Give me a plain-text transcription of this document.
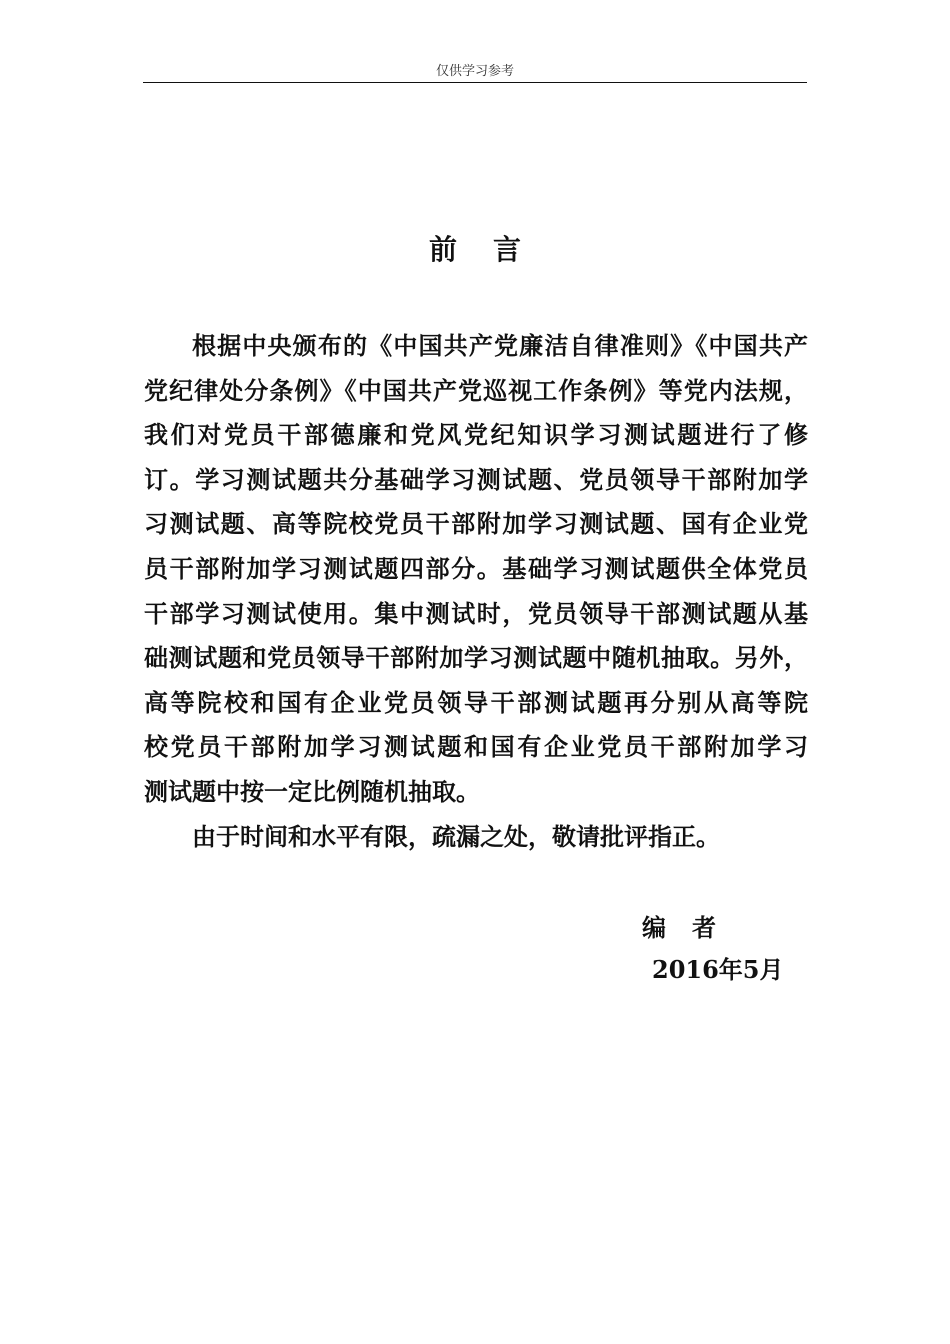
仅供学习参考
前 言
根据中央颁布的《中国共产党廉洁自律准则》《中国共产
党纪律处分条例》《中国共产党巡视工作条例》等党内法规，
我们对党员干部德廉和党风党纪知识学习测试题进行了修
订。学习测试题共分基础学习测试题、党员领导干部附加学
习测试题、高等院校党员干部附加学习测试题、国有企业党
员干部附加学习测试题四部分。基础学习测试题供全体党员
干部学习测试使用。集中测试时，党员领导干部测试题从基
础测试题和党员领导干部附加学习测试题中随机抽取。另外，
高等院校和国有企业党员领导干部测试题再分别从高等院
校党员干部附加学习测试题和国有企业党员干部附加学习
测试题中按一定比例随机抽取。
由于时间和水平有限，疏漏之处，敬请批评指正。
编 者
2016年5月
